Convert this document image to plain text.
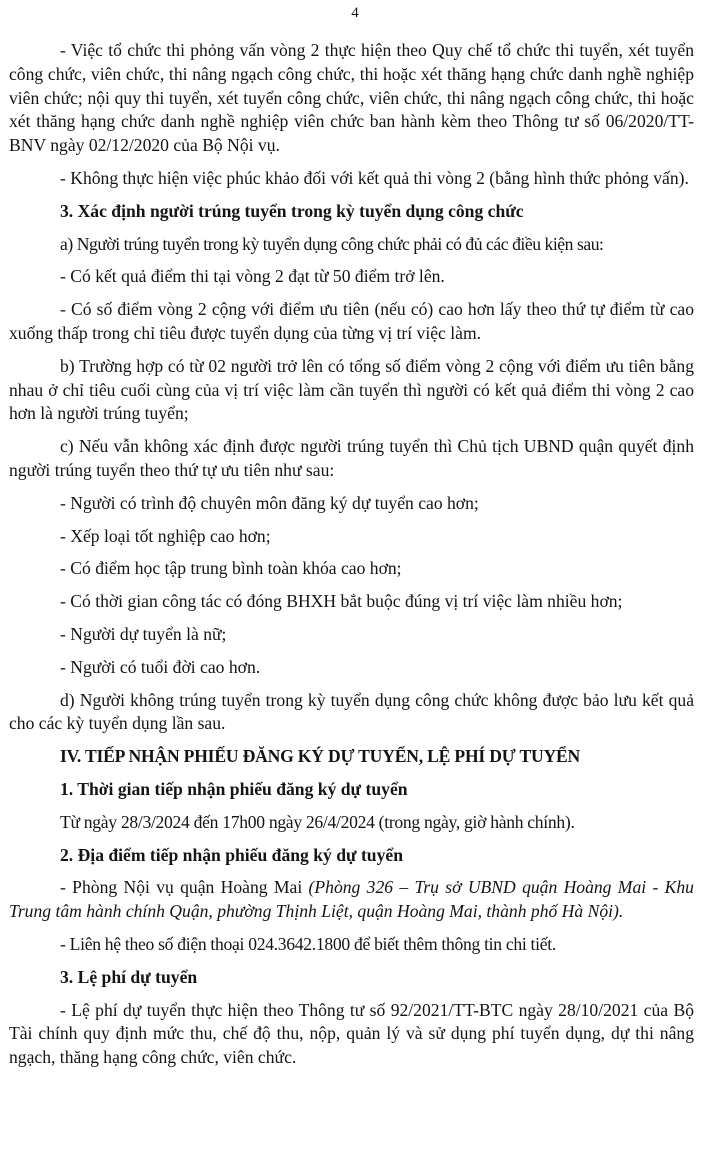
4

- Việc tổ chức thi phỏng vấn vòng 2 thực hiện theo Quy chế tổ chức thi tuyển, xét tuyển công chức, viên chức, thi nâng ngạch công chức, thi hoặc xét thăng hạng chức danh nghề nghiệp viên chức; nội quy thi tuyển, xét tuyển công chức, viên chức, thi nâng ngạch công chức, thi hoặc xét thăng hạng chức danh nghề nghiệp viên chức ban hành kèm theo Thông tư số 06/2020/TT-BNV ngày 02/12/2020 của Bộ Nội vụ.

- Không thực hiện việc phúc khảo đối với kết quả thi vòng 2 (bằng hình thức phỏng vấn).

3. Xác định người trúng tuyển trong kỳ tuyển dụng công chức

a) Người trúng tuyển trong kỳ tuyển dụng công chức phải có đủ các điều kiện sau:

- Có kết quả điểm thi tại vòng 2 đạt từ 50 điểm trở lên.

- Có số điểm vòng 2 cộng với điểm ưu tiên (nếu có) cao hơn lấy theo thứ tự điểm từ cao xuống thấp trong chỉ tiêu được tuyển dụng của từng vị trí việc làm.

b) Trường hợp có từ 02 người trở lên có tổng số điểm vòng 2 cộng với điểm ưu tiên bằng nhau ở chỉ tiêu cuối cùng của vị trí việc làm cần tuyển thì người có kết quả điểm thi vòng 2 cao hơn là người trúng tuyển;

c) Nếu vẫn không xác định được người trúng tuyển thì Chủ tịch UBND quận quyết định người trúng tuyển theo thứ tự ưu tiên như sau:

- Người có trình độ chuyên môn đăng ký dự tuyển cao hơn;

- Xếp loại tốt nghiệp cao hơn;

- Có điểm học tập trung bình toàn khóa cao hơn;

- Có thời gian công tác có đóng BHXH bắt buộc đúng vị trí việc làm nhiều hơn;

- Người dự tuyển là nữ;

- Người có tuổi đời cao hơn.

d) Người không trúng tuyển trong kỳ tuyển dụng công chức không được bảo lưu kết quả cho các kỳ tuyển dụng lần sau.

IV. TIẾP NHẬN PHIẾU ĐĂNG KÝ DỰ TUYỂN, LỆ PHÍ DỰ TUYỂN

1. Thời gian tiếp nhận phiếu đăng ký dự tuyển

Từ ngày 28/3/2024 đến 17h00 ngày 26/4/2024 (trong ngày, giờ hành chính).

2. Địa điểm tiếp nhận phiếu đăng ký dự tuyển

- Phòng Nội vụ quận Hoàng Mai (Phòng 326 – Trụ sở UBND quận Hoàng Mai - Khu Trung tâm hành chính Quận, phường Thịnh Liệt, quận Hoàng Mai, thành phố Hà Nội).

- Liên hệ theo số điện thoại 024.3642.1800 để biết thêm thông tin chi tiết.

3. Lệ phí dự tuyển

- Lệ phí dự tuyển thực hiện theo Thông tư số 92/2021/TT-BTC ngày 28/10/2021 của Bộ Tài chính quy định mức thu, chế độ thu, nộp, quản lý và sử dụng phí tuyển dụng, dự thi nâng ngạch, thăng hạng công chức, viên chức.
